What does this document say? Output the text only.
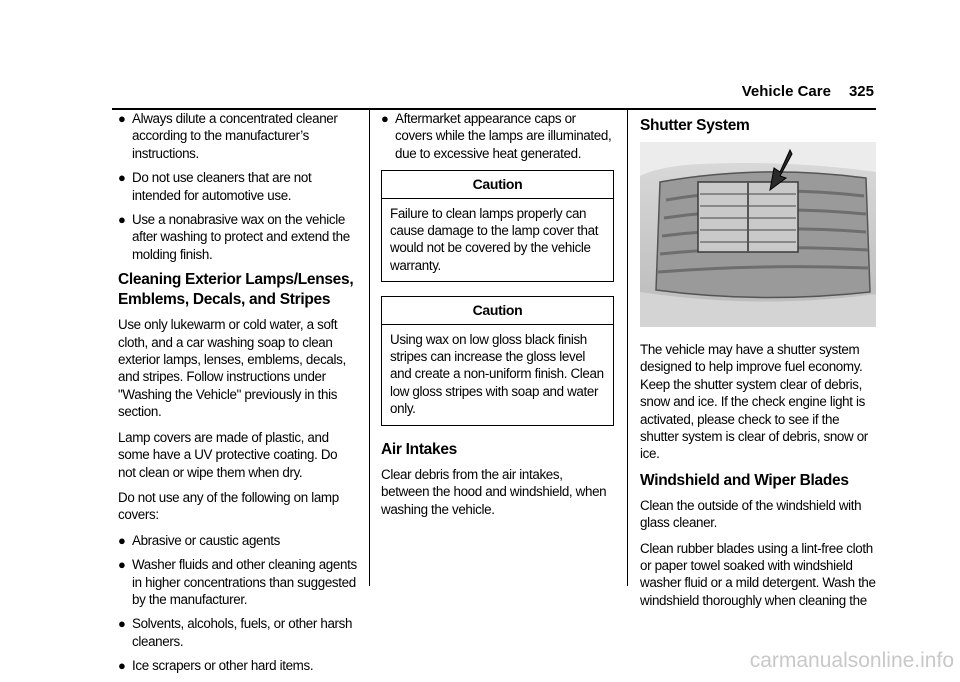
Vehicle Care 325
● Always dilute a concentrated cleaner according to the manufacturer’s instructions.
● Do not use cleaners that are not intended for automotive use.
● Use a nonabrasive wax on the vehicle after washing to protect and extend the molding finish.
Cleaning Exterior Lamps/Lenses, Emblems, Decals, and Stripes

Use only lukewarm or cold water, a soft cloth, and a car washing soap to clean exterior lamps, lenses, emblems, decals, and stripes. Follow instructions under "Washing the Vehicle" previously in this section.

Lamp covers are made of plastic, and some have a UV protective coating. Do not clean or wipe them when dry.

Do not use any of the following on lamp covers:

● Abrasive or caustic agents
● Washer fluids and other cleaning agents in higher concentrations than suggested by the manufacturer.
● Solvents, alcohols, fuels, or other harsh cleaners.
● Ice scrapers or other hard items.
● Aftermarket appearance caps or covers while the lamps are illuminated, due to excessive heat generated.
Caution
Failure to clean lamps properly can cause damage to the lamp cover that would not be covered by the vehicle warranty.
Caution
Using wax on low gloss black finish stripes can increase the gloss level and create a non-uniform finish. Clean low gloss stripes with soap and water only.
Air Intakes

Clear debris from the air intakes, between the hood and windshield, when washing the vehicle.

Shutter System

The vehicle may have a shutter system designed to help improve fuel economy. Keep the shutter system clear of debris, snow and ice. If the check engine light is activated, please check to see if the shutter system is clear of debris, snow or ice.

Windshield and Wiper Blades

Clean the outside of the windshield with glass cleaner.

Clean rubber blades using a lint-free cloth or paper towel soaked with windshield washer fluid or a mild detergent. Wash the windshield thoroughly when cleaning the

carmanualsonline.info
